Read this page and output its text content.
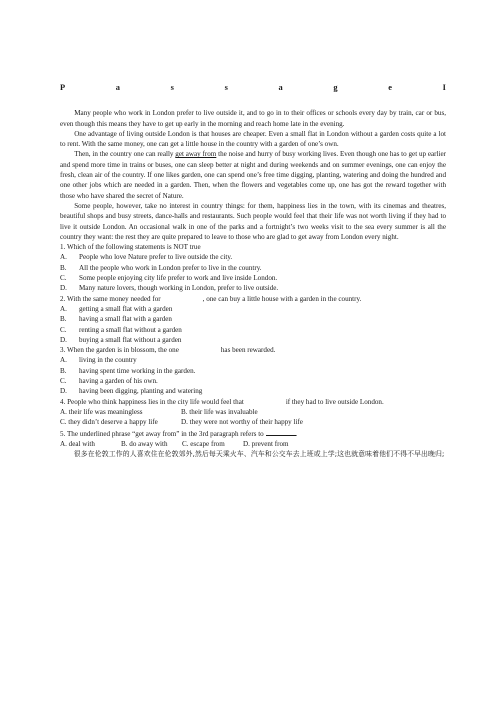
P	a	s	s	a	g	e	I

Many people who work in London prefer to live outside it, and to go in to their offices or schools every day by train, car or bus, even though this means they have to get up early in the morning and reach home late in the evening.

One advantage of living outside London is that houses are cheaper. Even a small flat in London without a garden costs quite a lot to rent. With the same money, one can get a little house in the country with a garden of one’s own.

Then, in the country one can really get away from the noise and hurry of busy working lives. Even though one has to get up earlier and spend more time in trains or buses, one can sleep better at night and during weekends and on summer evenings, one can enjoy the fresh, clean air of the country. If one likes garden, one can spend one’s free time digging, planting, watering and doing the hundred and one other jobs which are needed in a garden. Then, when the flowers and vegetables come up, one has got the reward together with those who have shared the secret of Nature.

Some people, however, take no interest in country things: for them, happiness lies in the town, with its cinemas and theatres, beautiful shops and busy streets, dance-halls and restaurants. Such people would feel that their life was not worth living if they had to live it outside London. An occasional walk in one of the parks and a fortnight’s two weeks visit to the sea every summer is all the country they want: the rest they are quite prepared to leave to those who are glad to get away from London every night.

1. Which of the following statements is NOT true

A.	People who love Nature prefer to live outside the city.
B.	All the people who work in London prefer to live in the country.
C.	Some people enjoying city life prefer to work and live inside London.
D.	Many nature lovers, though working in London, prefer to live outside.

2. With the same money needed for	, one can buy a little house with a garden in the country.

A.	getting a small flat with a garden
B.	having a small flat with a garden
C.	renting a small flat without a garden
D.	buying a small flat without a garden

3. When the garden is in blossom, the one	has been rewarded.

A.	living in the country
B.	having spent time working in the garden.
C.	having a garden of his own.
D.	having been digging, planting and watering

4. People who think happiness lies in the city life would feel that	if they had to live outside London.

A. their life was meaningless	B. their life was invaluable
C. they didn’t deserve a happy life	D. they were not worthy of their happy life

5. The underlined phrase “get away from” in the 3rd paragraph refers to	.

A. deal with	B. do away with	C. escape from	D. prevent from

很多在伦敦工作的人喜欢住在伦敦郊外,然后每天乘火车、汽车和公交车去上班或上学;这也就意味着他们不得不早出晚归;
